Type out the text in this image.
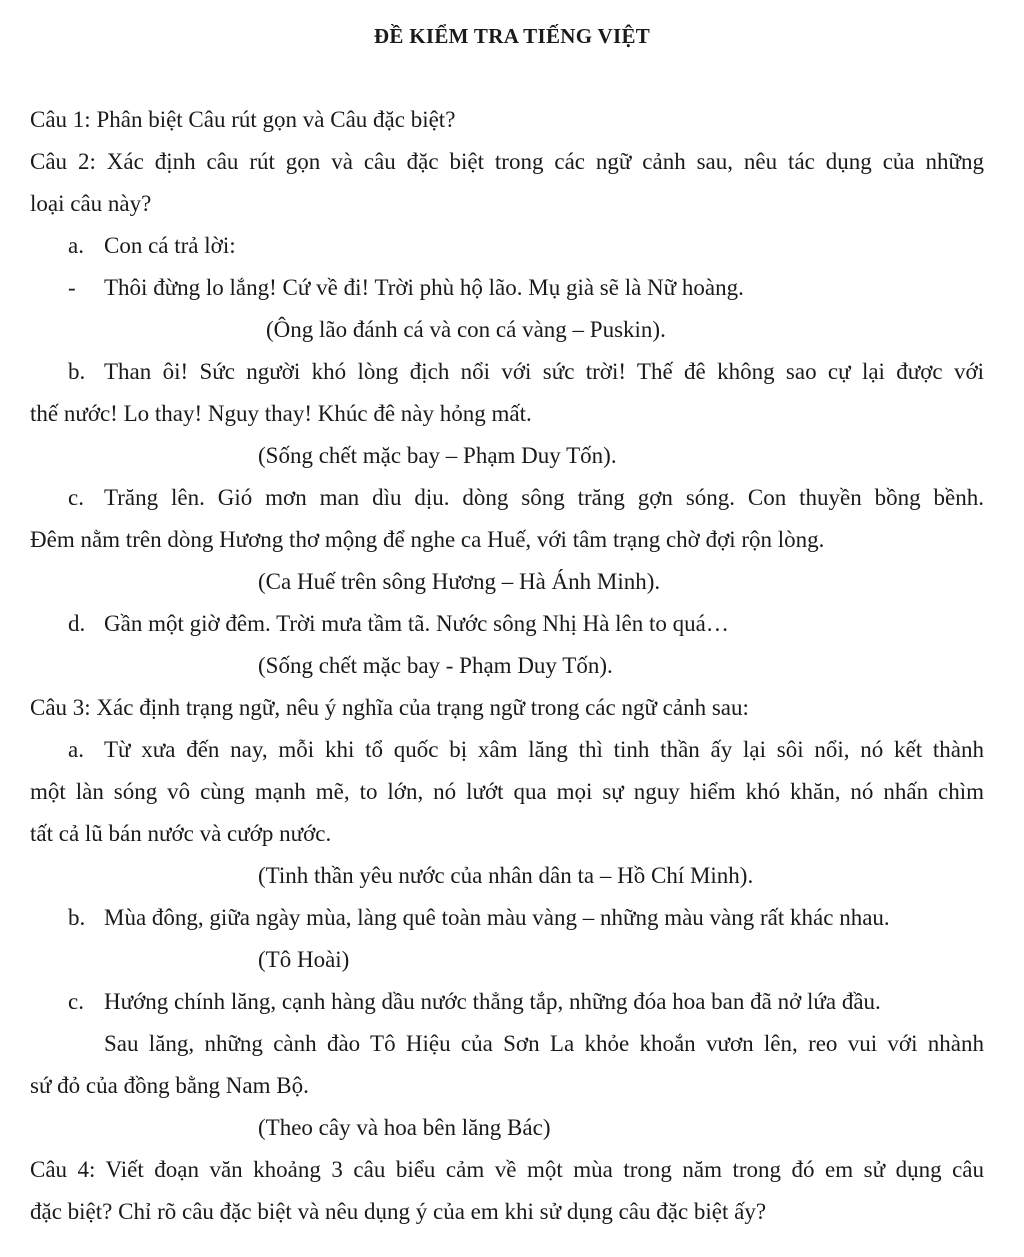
ĐỀ KIỂM TRA TIẾNG VIỆT
Câu 1: Phân biệt Câu rút gọn và Câu đặc biệt?
Câu 2: Xác định câu rút gọn và câu đặc biệt trong các ngữ cảnh sau, nêu tác dụng của những
loại câu này?
a. Con cá trả lời:
- Thôi đừng lo lắng! Cứ về đi! Trời phù hộ lão. Mụ già sẽ là Nữ hoàng.
(Ông lão đánh cá và con cá vàng – Puskin).
b. Than ôi! Sức người khó lòng địch nổi với sức trời! Thế đê không sao cự lại được với
thế nước! Lo thay! Nguy thay! Khúc đê này hỏng mất.
(Sống chết mặc bay – Phạm Duy Tốn).
c. Trăng lên. Gió mơn man dìu dịu. dòng sông trăng gợn sóng. Con thuyền bồng bềnh.
Đêm nằm trên dòng Hương thơ mộng để nghe ca Huế, với tâm trạng chờ đợi rộn lòng.
(Ca Huế trên sông Hương – Hà Ánh Minh).
d. Gần một giờ đêm. Trời mưa tầm tã. Nước sông Nhị Hà lên to quá…
(Sống chết mặc bay - Phạm Duy Tốn).
Câu 3: Xác định trạng ngữ, nêu ý nghĩa của trạng ngữ trong các ngữ cảnh sau:
a. Từ xưa đến nay, mỗi khi tổ quốc bị xâm lăng thì tinh thần ấy lại sôi nổi, nó kết thành
một làn sóng vô cùng mạnh mẽ, to lớn, nó lướt qua mọi sự nguy hiểm khó khăn, nó nhấn chìm
tất cả lũ bán nước và cướp nước.
(Tinh thần yêu nước của nhân dân ta – Hồ Chí Minh).
b. Mùa đông, giữa ngày mùa, làng quê toàn màu vàng – những màu vàng rất khác nhau.
(Tô Hoài)
c. Hướng chính lăng, cạnh hàng dầu nước thẳng tắp, những đóa hoa ban đã nở lứa đầu.
Sau lăng, những cành đào Tô Hiệu của Sơn La khỏe khoắn vươn lên, reo vui với nhành
sứ đỏ của đồng bằng Nam Bộ.
(Theo cây và hoa bên lăng Bác)
Câu 4: Viết đoạn văn khoảng 3 câu biểu cảm về một mùa trong năm trong đó em sử dụng câu
đặc biệt? Chỉ rõ câu đặc biệt và nêu dụng ý của em khi sử dụng câu đặc biệt ấy?
